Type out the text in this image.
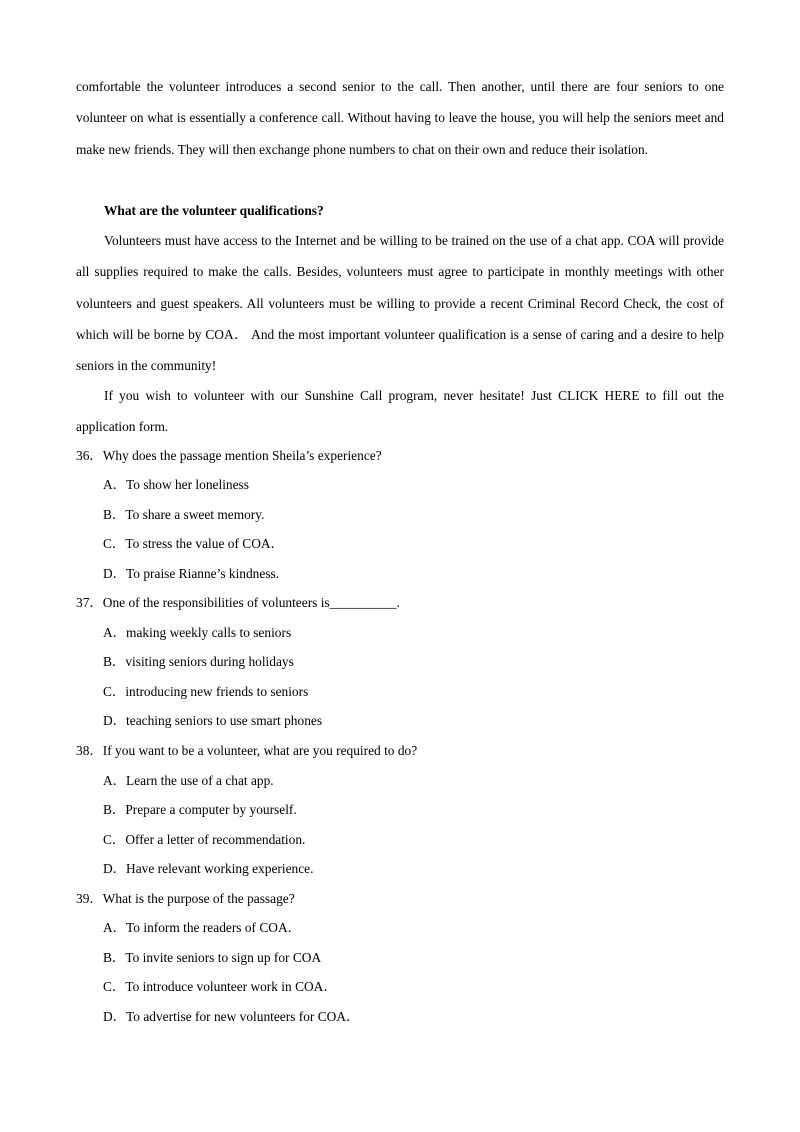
comfortable the volunteer introduces a second senior to the call. Then another, until there are four seniors to one volunteer on what is essentially a conference call. Without having to leave the house, you will help the seniors meet and make new friends. They will then exchange phone numbers to chat on their own and reduce their isolation.

What are the volunteer qualifications?

Volunteers must have access to the Internet and be willing to be trained on the use of a chat app. COA will provide all supplies required to make the calls. Besides, volunteers must agree to participate in monthly meetings with other volunteers and guest speakers. All volunteers must be willing to provide a recent Criminal Record Check, the cost of which will be borne by COA． And the most important volunteer qualification is a sense of caring and a desire to help seniors in the community!

If you wish to volunteer with our Sunshine Call program, never hesitate! Just CLICK HERE to fill out the application form.

36．Why does the passage mention Sheila’s experience?

A．To show her loneliness

B．To share a sweet memory.

C．To stress the value of COA．

D．To praise Rianne’s kindness.

37．One of the responsibilities of volunteers is__________.

A．making weekly calls to seniors

B．visiting seniors during holidays

C．introducing new friends to seniors

D．teaching seniors to use smart phones

38．If you want to be a volunteer, what are you required to do?

A．Learn the use of a chat app.

B．Prepare a computer by yourself.

C．Offer a letter of recommendation.

D．Have relevant working experience.

39．What is the purpose of the passage?

A．To inform the readers of COA．

B．To invite seniors to sign up for COA

C．To introduce volunteer work in COA．

D．To advertise for new volunteers for COA．
